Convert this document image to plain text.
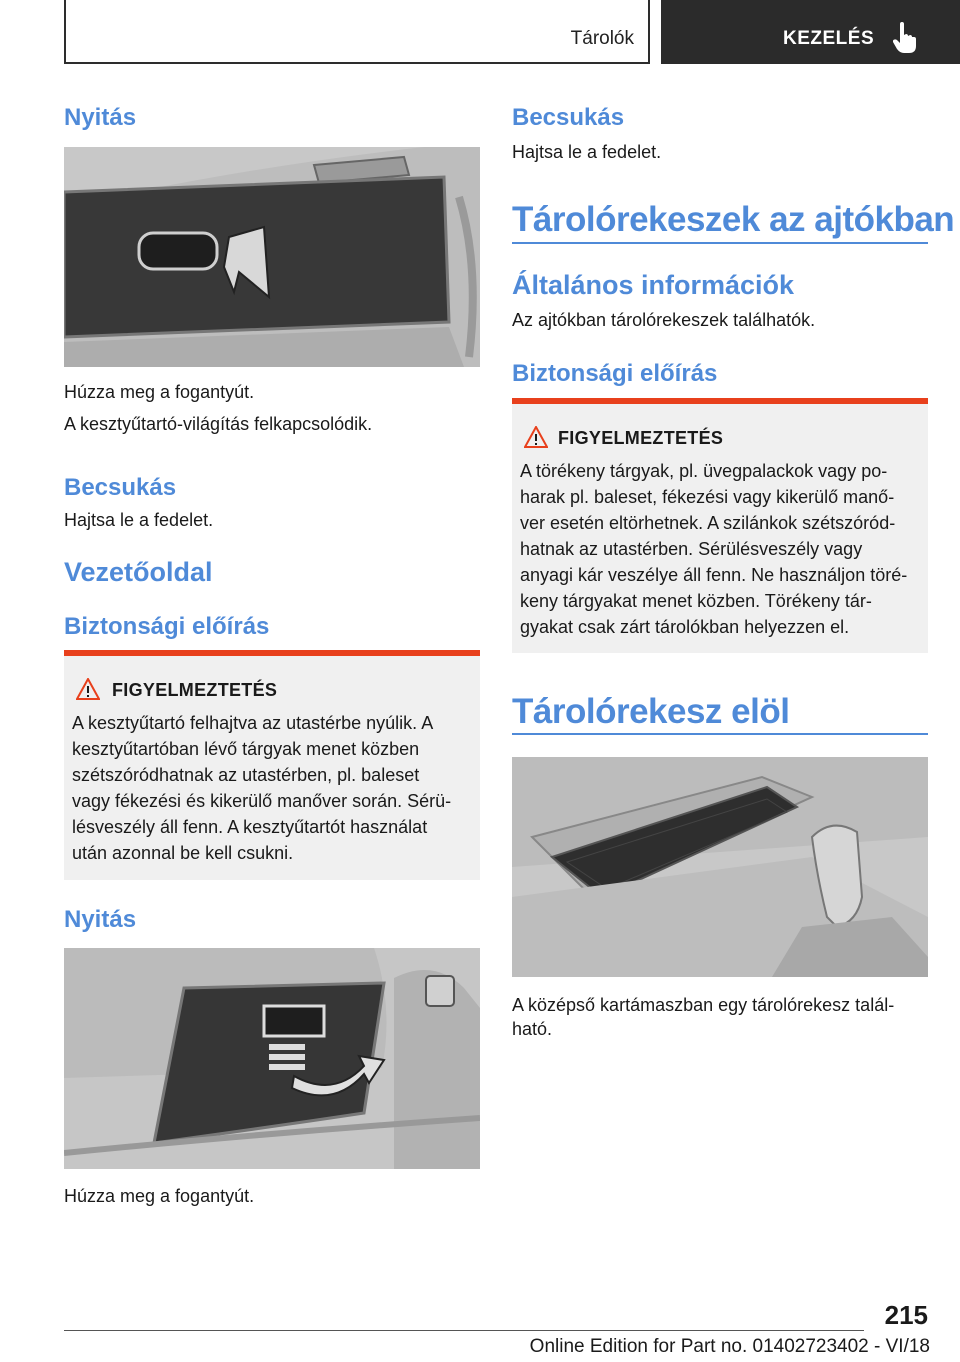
Tárolók	KEZELÉS
Nyitás
Húzza meg a fogantyút.
A kesztyűtartó-világítás felkapcsolódik.
Becsukás
Hajtsa le a fedelet.
Vezetőoldal
Biztonsági előírás
FIGYELMEZTETÉS
A kesztyűtartó felhajtva az utastérbe nyúlik. A
kesztyűtartóban lévő tárgyak menet közben
szétszóródhatnak az utastérben, pl. baleset
vagy fékezési és kikerülő manőver során. Sérü-
lésveszély áll fenn. A kesztyűtartót használat
után azonnal be kell csukni.
Nyitás
Húzza meg a fogantyút.
Becsukás
Hajtsa le a fedelet.
Tárolórekeszek az ajtókban
Általános információk
Az ajtókban tárolórekeszek találhatók.
Biztonsági előírás
FIGYELMEZTETÉS
A törékeny tárgyak, pl. üvegpalackok vagy po-
harak pl. baleset, fékezési vagy kikerülő manő-
ver esetén eltörhetnek. A szilánkok szétszóród-
hatnak az utastérben. Sérülésveszély vagy
anyagi kár veszélye áll fenn. Ne használjon töré-
keny tárgyakat menet közben. Törékeny tár-
gyakat csak zárt tárolókban helyezzen el.
Tárolórekesz elöl
A középső kartámaszban egy tárolórekesz talál-
ható.
215
Online Edition for Part no. 01402723402 - VI/18
